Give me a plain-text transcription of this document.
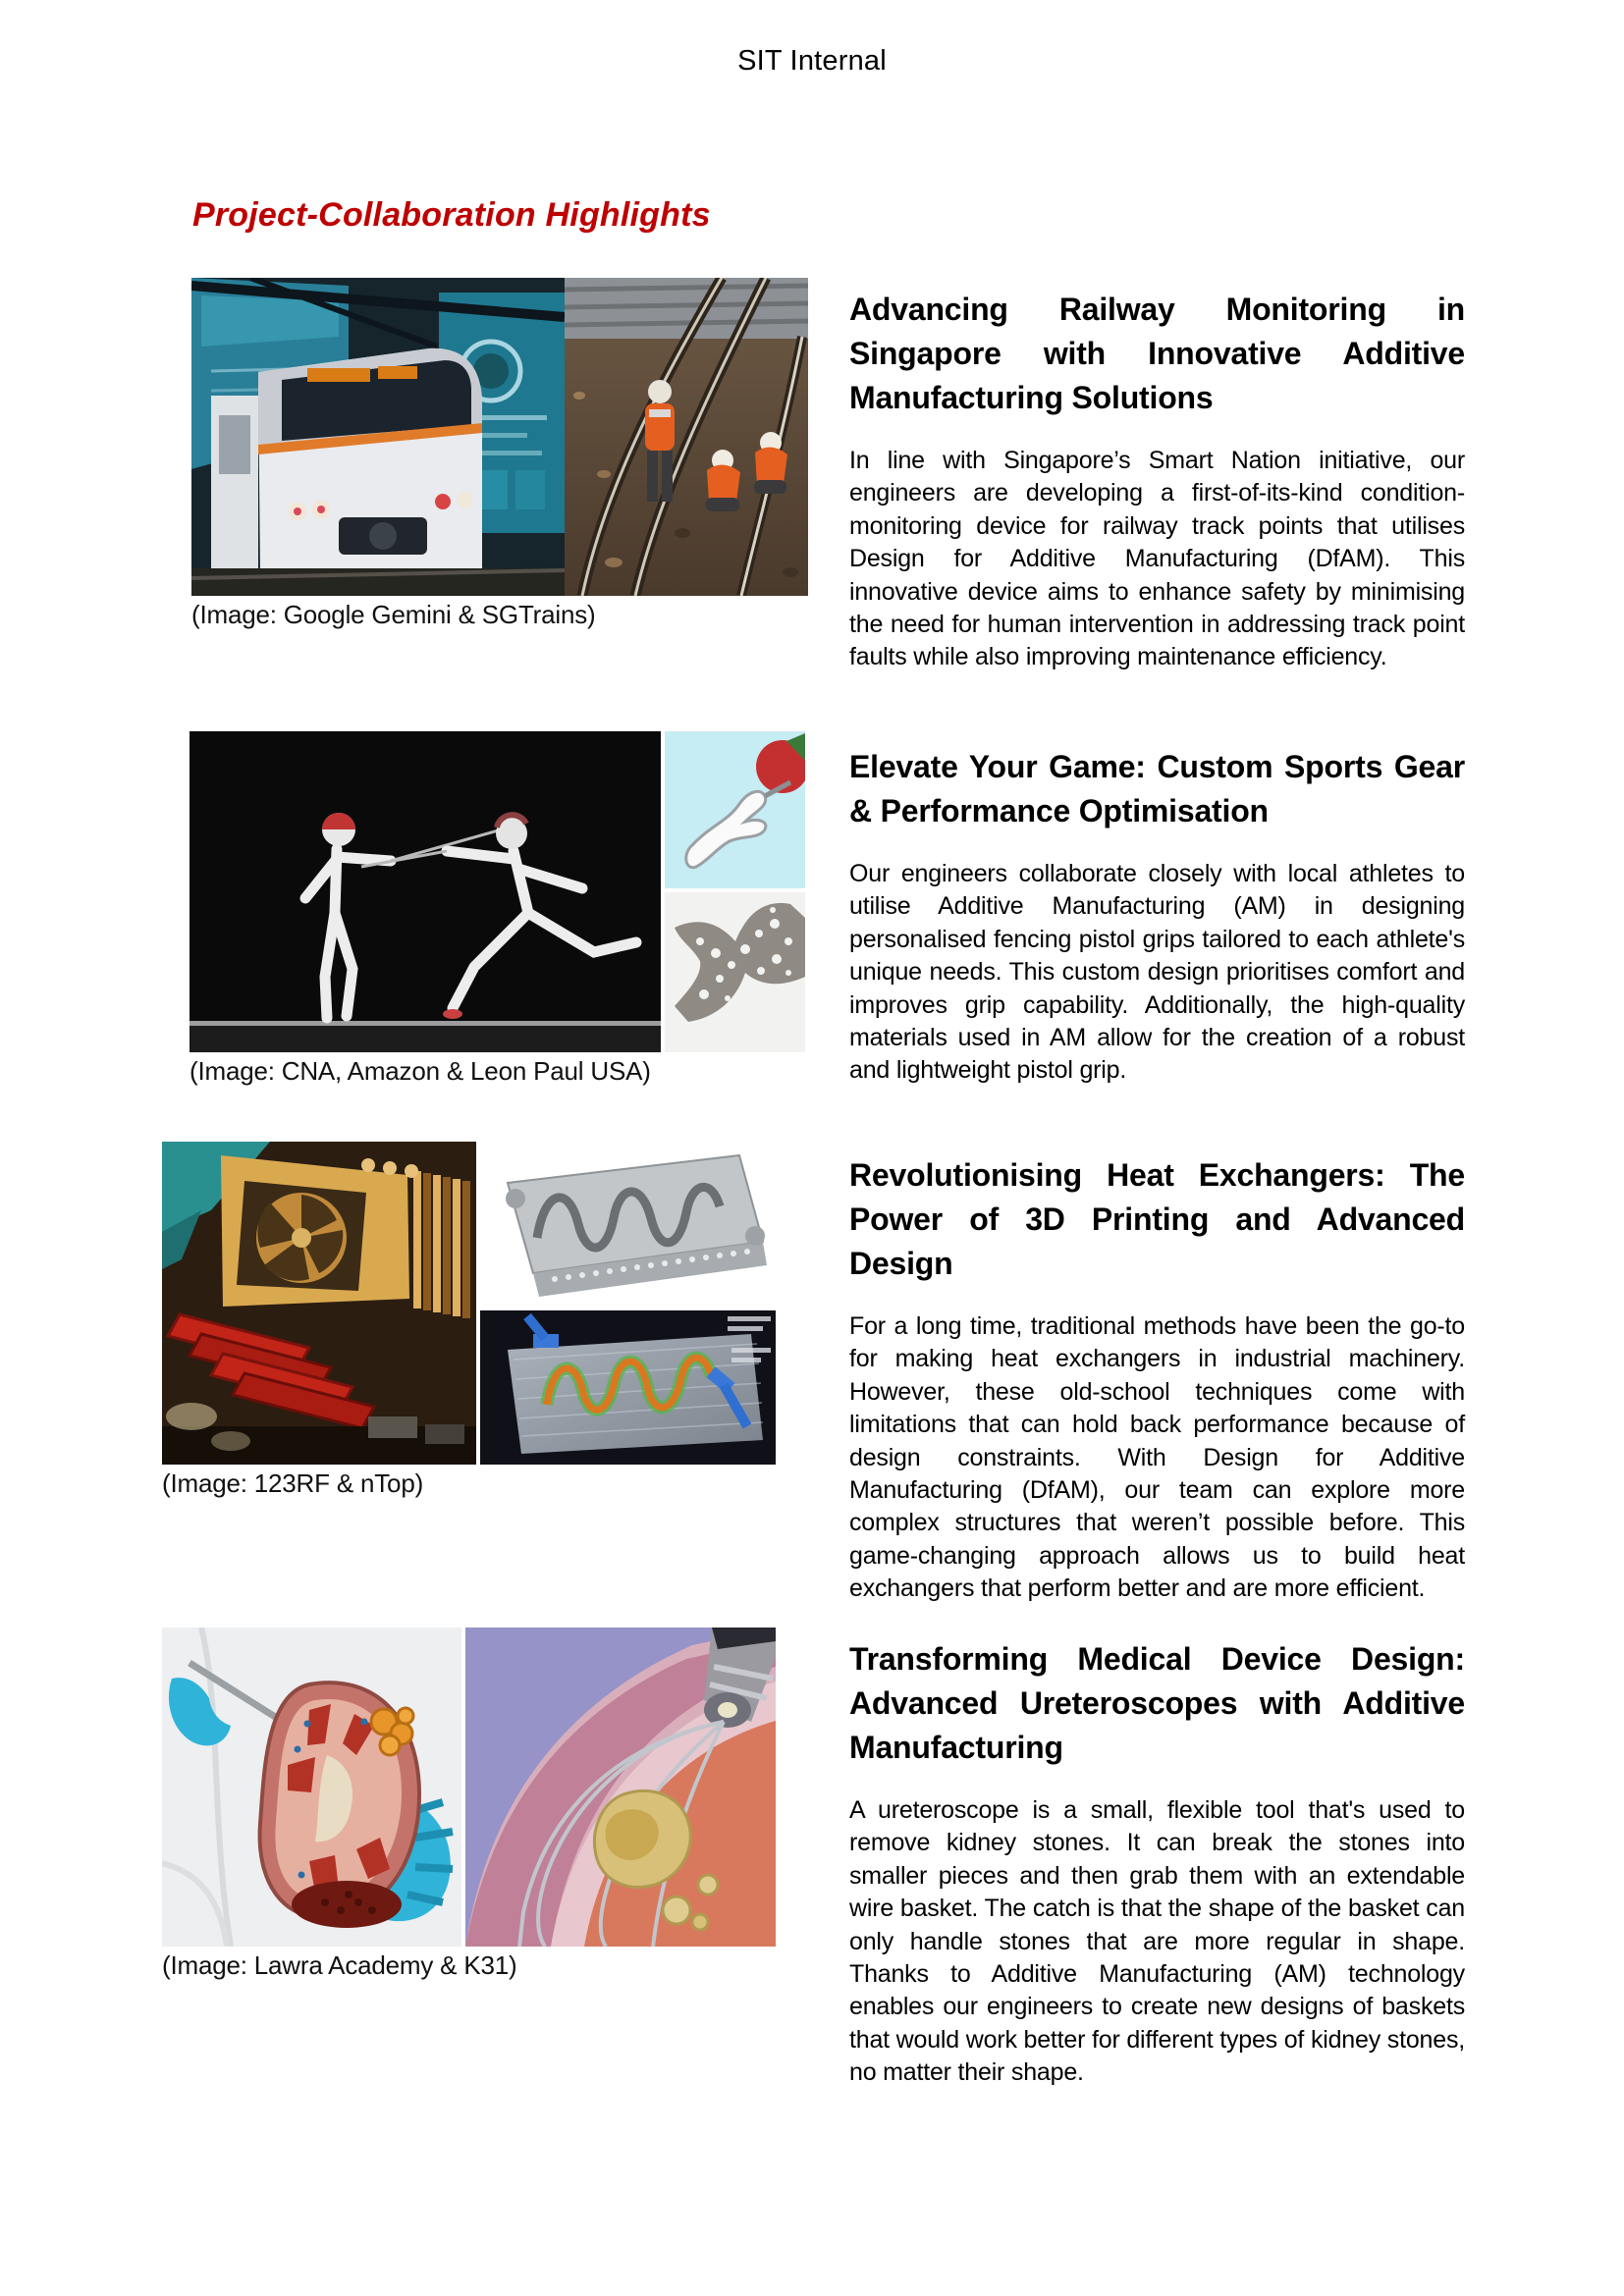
SIT Internal
Project-Collaboration Highlights
(Image: Google Gemini & SGTrains)
Advancing Railway Monitoring in Singapore with Innovative Additive Manufacturing Solutions

In line with Singapore’s Smart Nation initiative, our engineers are developing a first-of-its-kind condition-monitoring device for railway track points that utilises Design for Additive Manufacturing (DfAM). This innovative device aims to enhance safety by minimising the need for human intervention in addressing track point faults while also improving maintenance efficiency.

(Image: CNA, Amazon & Leon Paul USA)
Elevate Your Game: Custom Sports Gear & Performance Optimisation

Our engineers collaborate closely with local athletes to utilise Additive Manufacturing (AM) in designing personalised fencing pistol grips tailored to each athlete's unique needs. This custom design prioritises comfort and improves grip capability. Additionally, the high-quality materials used in AM allow for the creation of a robust and lightweight pistol grip.

(Image: 123RF & nTop)
Revolutionising Heat Exchangers: The Power of 3D Printing and Advanced Design

For a long time, traditional methods have been the go-to for making heat exchangers in industrial machinery. However, these old-school techniques come with limitations that can hold back performance because of design constraints. With Design for Additive Manufacturing (DfAM), our team can explore more complex structures that weren’t possible before. This game-changing approach allows us to build heat exchangers that perform better and are more efficient.

(Image: Lawra Academy & K31)
Transforming Medical Device Design: Advanced Ureteroscopes with Additive Manufacturing

A ureteroscope is a small, flexible tool that's used to remove kidney stones. It can break the stones into smaller pieces and then grab them with an extendable wire basket. The catch is that the shape of the basket can only handle stones that are more regular in shape. Thanks to Additive Manufacturing (AM) technology enables our engineers to create new designs of baskets that would work better for different types of kidney stones, no matter their shape.
